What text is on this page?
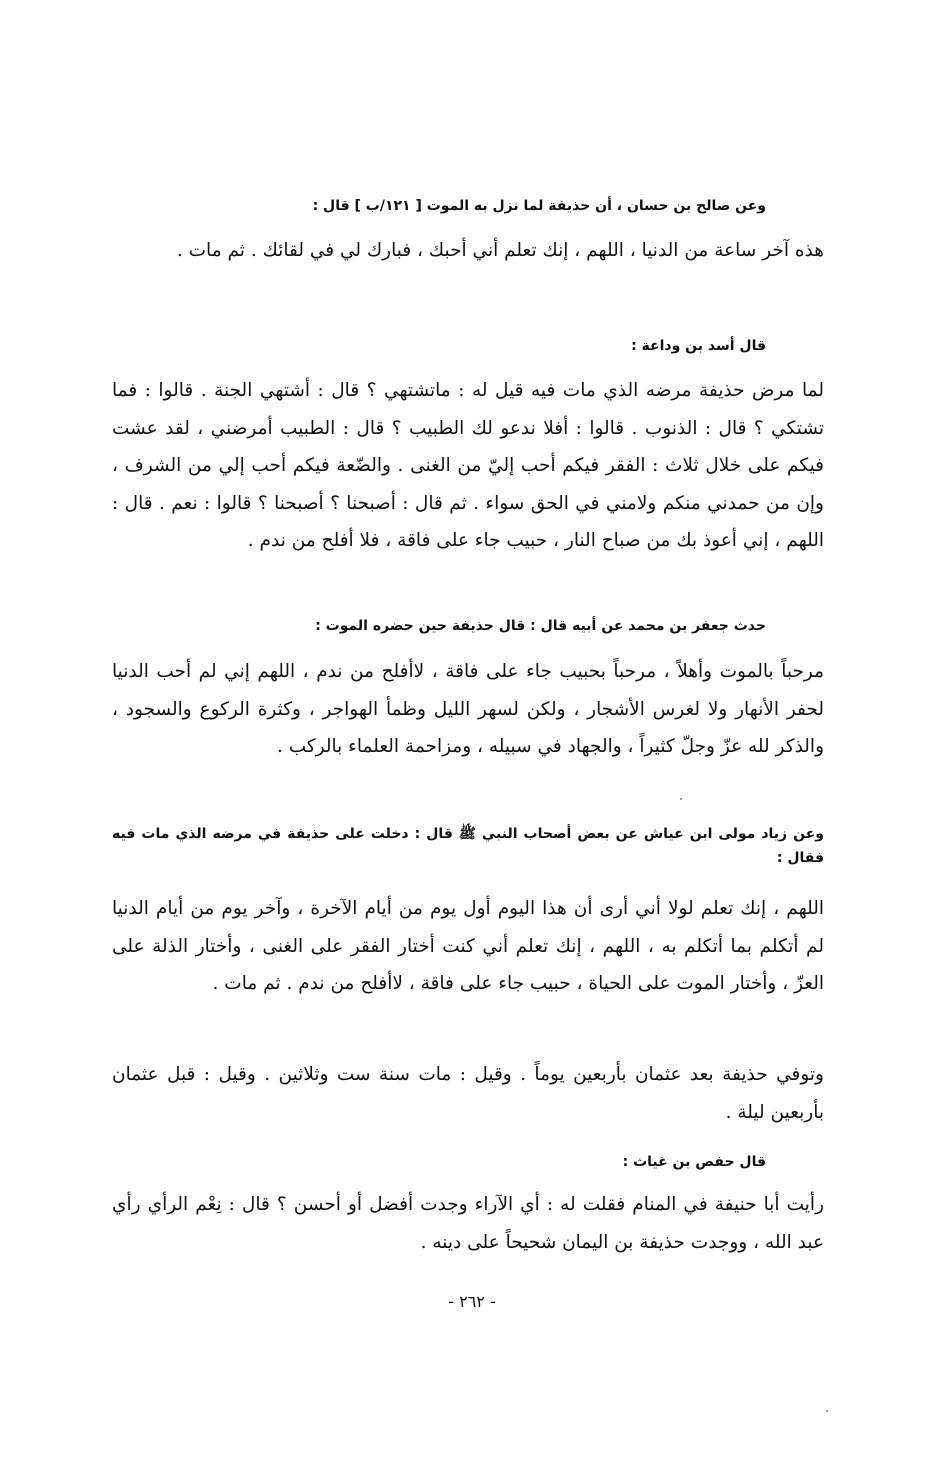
وعن صالح بن حسان ، أن حذيفة لما نزل به الموت [ ١٢١/ب ] قال :

هذه آخر ساعة من الدنيا ، اللهم ، إنك تعلم أني أحبك ، فبارك لي في لقائك . ثم مات .

قال أسد بن وداعة :

لما مرض حذيفة مرضه الذي مات فيه قيل له : ماتشتهي ؟ قال : أشتهي الجنة . قالوا : فما تشتكي ؟ قال : الذنوب . قالوا : أفلا ندعو لك الطبيب ؟ قال : الطبيب أمرضني ، لقد عشت فيكم على خلال ثلاث : الفقر فيكم أحب إليّ من الغنى . والضّعة فيكم أحب إلي من الشرف ، وإن من حمدني منكم ولامني في الحق سواء . ثم قال : أصبحنا ؟ أصبحنا ؟ قالوا : نعم . قال : اللهم ، إني أعوذ بك من صباح النار ، حبيب جاء على فاقة ، فلا أفلح من ندم .

حدث جعفر بن محمد عن أبيه قال : قال حذيفة حين حضره الموت :

مرحباً بالموت وأهلاً ، مرحباً بحبيب جاء على فاقة ، لاأفلح من ندم ، اللهم إني لم أحب الدنيا لحفر الأنهار ولا لغرس الأشجار ، ولكن لسهر الليل وظمأ الهواجر ، وكثرة الركوع والسجود ، والذكر لله عزّ وجلّ كثيراً ، والجهاد في سبيله ، ومزاحمة العلماء بالركب .

وعن زياد مولى ابن عياش عن بعض أصحاب النبي ﷺ قال : دخلت على حذيفة في مرضه الذي مات فيه فقال :

اللهم ، إنك تعلم لولا أني أرى أن هذا اليوم أول يوم من أيام الآخرة ، وآخر يوم من أيام الدنيا لم أتكلم بما أتكلم به ، اللهم ، إنك تعلم أني كنت أختار الفقر على الغنى ، وأختار الذلة على العزّ ، وأختار الموت على الحياة ، حبيب جاء على فاقة ، لاأفلح من ندم . ثم مات .

وتوفي حذيفة بعد عثمان بأربعين يوماً . وقيل : مات سنة ست وثلاثين . وقيل : قبل عثمان بأربعين ليلة .

قال حفص بن غياث :

رأيت أبا حنيفة في المنام فقلت له : أي الآراء وجدت أفضل أو أحسن ؟ قال : نِعْم الرأي رأي عبد الله ، ووجدت حذيفة بن اليمان شحيحاً على دينه .

- ٢٦٢ -
